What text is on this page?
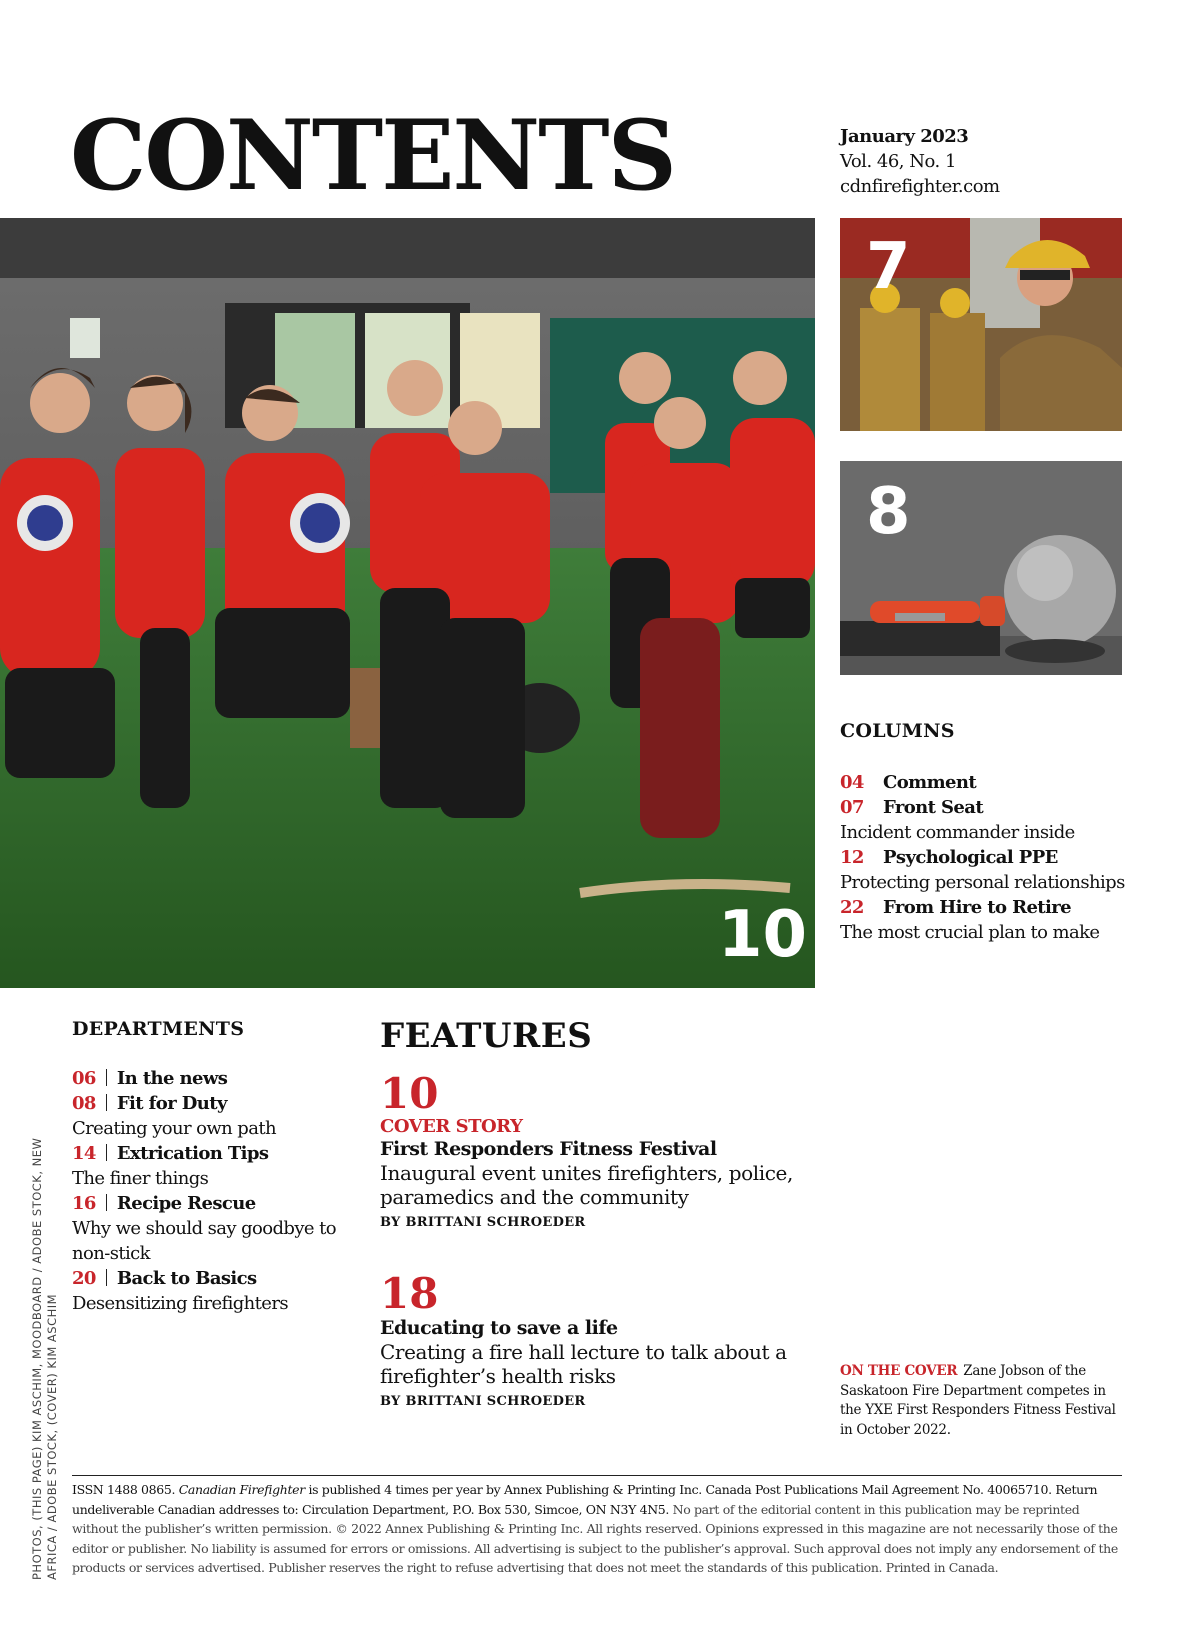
CONTENTS	January 2023
Vol. 46, No. 1
cdnfirefighter.com
10
7
8
COLUMNS
04 Comment
07 Front Seat
Incident commander inside
12 Psychological PPE
Protecting personal relationships
22 From Hire to Retire
The most crucial plan to make
DEPARTMENTS
06 In the news
08 Fit for Duty
Creating your own path
14 Extrication Tips
The finer things
16 Recipe Rescue
Why we should say goodbye to non-stick
20 Back to Basics
Desensitizing firefighters
FEATURES
10
COVER STORY
First Responders Fitness Festival
Inaugural event unites firefighters, police, paramedics and the community
BY BRITTANI SCHROEDER
18
Educating to save a life
Creating a fire hall lecture to talk about a firefighter’s health risks
BY BRITTANI SCHROEDER
ON THE COVER Zane Jobson of the Saskatoon Fire Department competes in the YXE First Responders Fitness Festival in October 2022.
ISSN 1488 0865. Canadian Firefighter is published 4 times per year by Annex Publishing & Printing Inc. Canada Post Publications Mail Agreement No. 40065710. Return undeliverable Canadian addresses to: Circulation Department, P.O. Box 530, Simcoe, ON N3Y 4N5. No part of the editorial content in this publication may be reprinted without the publisher’s written permission. © 2022 Annex Publishing & Printing Inc. All rights reserved. Opinions expressed in this magazine are not necessarily those of the editor or publisher. No liability is assumed for errors or omissions. All advertising is subject to the publisher’s approval. Such approval does not imply any endorsement of the products or services advertised. Publisher reserves the right to refuse advertising that does not meet the standards of this publication. Printed in Canada.
PHOTOS, (THIS PAGE) KIM ASCHIM, MOODBOARD / ADOBE STOCK, NEW AFRICA / ADOBE STOCK, (COVER) KIM ASCHIM
